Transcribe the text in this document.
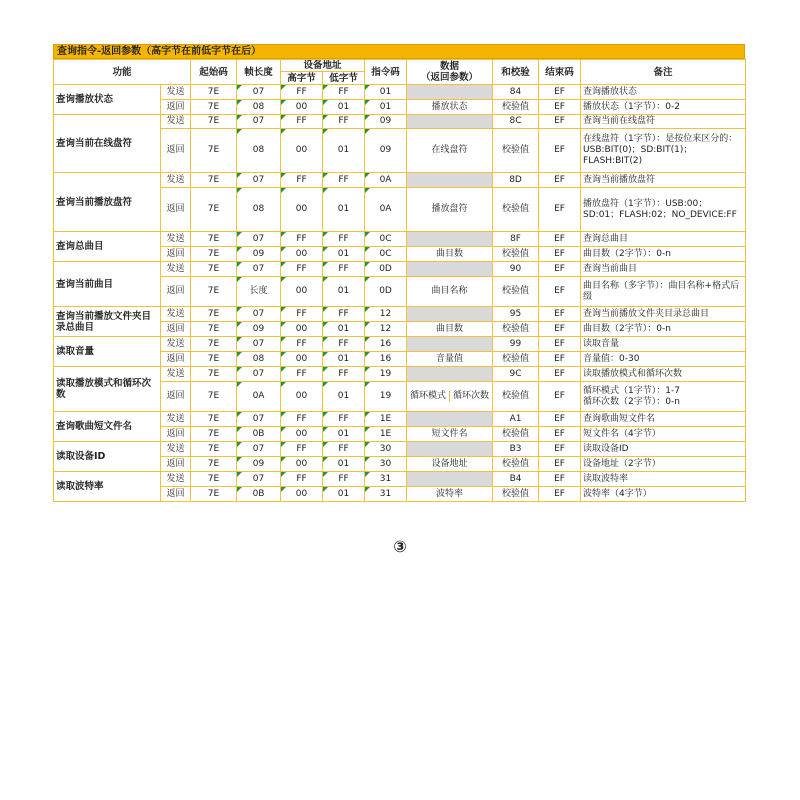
查询指令-返回参数（高字节在前低字节在后）
功能		起始码	帧长度	设备地址		指令码	数据
（返回参数）	和校验	结束码	备注
				高字节	低字节					
查询播放状态	发送	7E	07	FF	FF	01		84	EF	查询播放状态
	返回	7E	08	00	01	01	播放状态	校验值	EF	播放状态（1字节）：0-2
查询当前在线盘符	发送	7E	07	FF	FF	09		8C	EF	查询当前在线盘符
	返回	7E	08	00	01	09	在线盘符	校验值	EF	在线盘符（1字节）：是按位来区分的：USB:BIT(0)；SD:BIT(1)；FLASH:BIT(2)
查询当前播放盘符	发送	7E	07	FF	FF	0A		8D	EF	查询当前播放盘符
	返回	7E	08	00	01	0A	播放盘符	校验值	EF	播放盘符（1字节）：USB:00；SD:01；FLASH:02；NO_DEVICE:FF
查询总曲目	发送	7E	07	FF	FF	0C		8F	EF	查询总曲目
	返回	7E	09	00	01	0C	曲目数	校验值	EF	曲目数（2字节）：0-n
查询当前曲目	发送	7E	07	FF	FF	0D		90	EF	查询当前曲目
	返回	7E	长度	00	01	0D	曲目名称	校验值	EF	曲目名称（多字节）：曲目名称+格式后缀
查询当前播放文件夹目录总曲目	发送	7E	07	FF	FF	12		95	EF	查询当前播放文件夹目录总曲目
	返回	7E	09	00	01	12	曲目数	校验值	EF	曲目数（2字节）：0-n
读取音量	发送	7E	07	FF	FF	16		99	EF	读取音量
	返回	7E	08	00	01	16	音量值	校验值	EF	音量值：0-30
读取播放模式和循环次数	发送	7E	07	FF	FF	19		9C	EF	读取播放模式和循环次数
	返回	7E	0A	00	01	19	循环模式 循环次数	校验值	EF	循环模式（1字节）：1-7
循环次数（2字节）：0-n
查询歌曲短文件名	发送	7E	07	FF	FF	1E		A1	EF	查询歌曲短文件名
	返回	7E	0B	00	01	1E	短文件名	校验值	EF	短文件名（4字节）
读取设备ID	发送	7E	07	FF	FF	30		B3	EF	读取设备ID
	返回	7E	09	00	01	30	设备地址	校验值	EF	设备地址（2字节）
读取波特率	发送	7E	07	FF	FF	31		B4	EF	读取波特率
	返回	7E	0B	00	01	31	波特率	校验值	EF	波特率（4字节）
③
